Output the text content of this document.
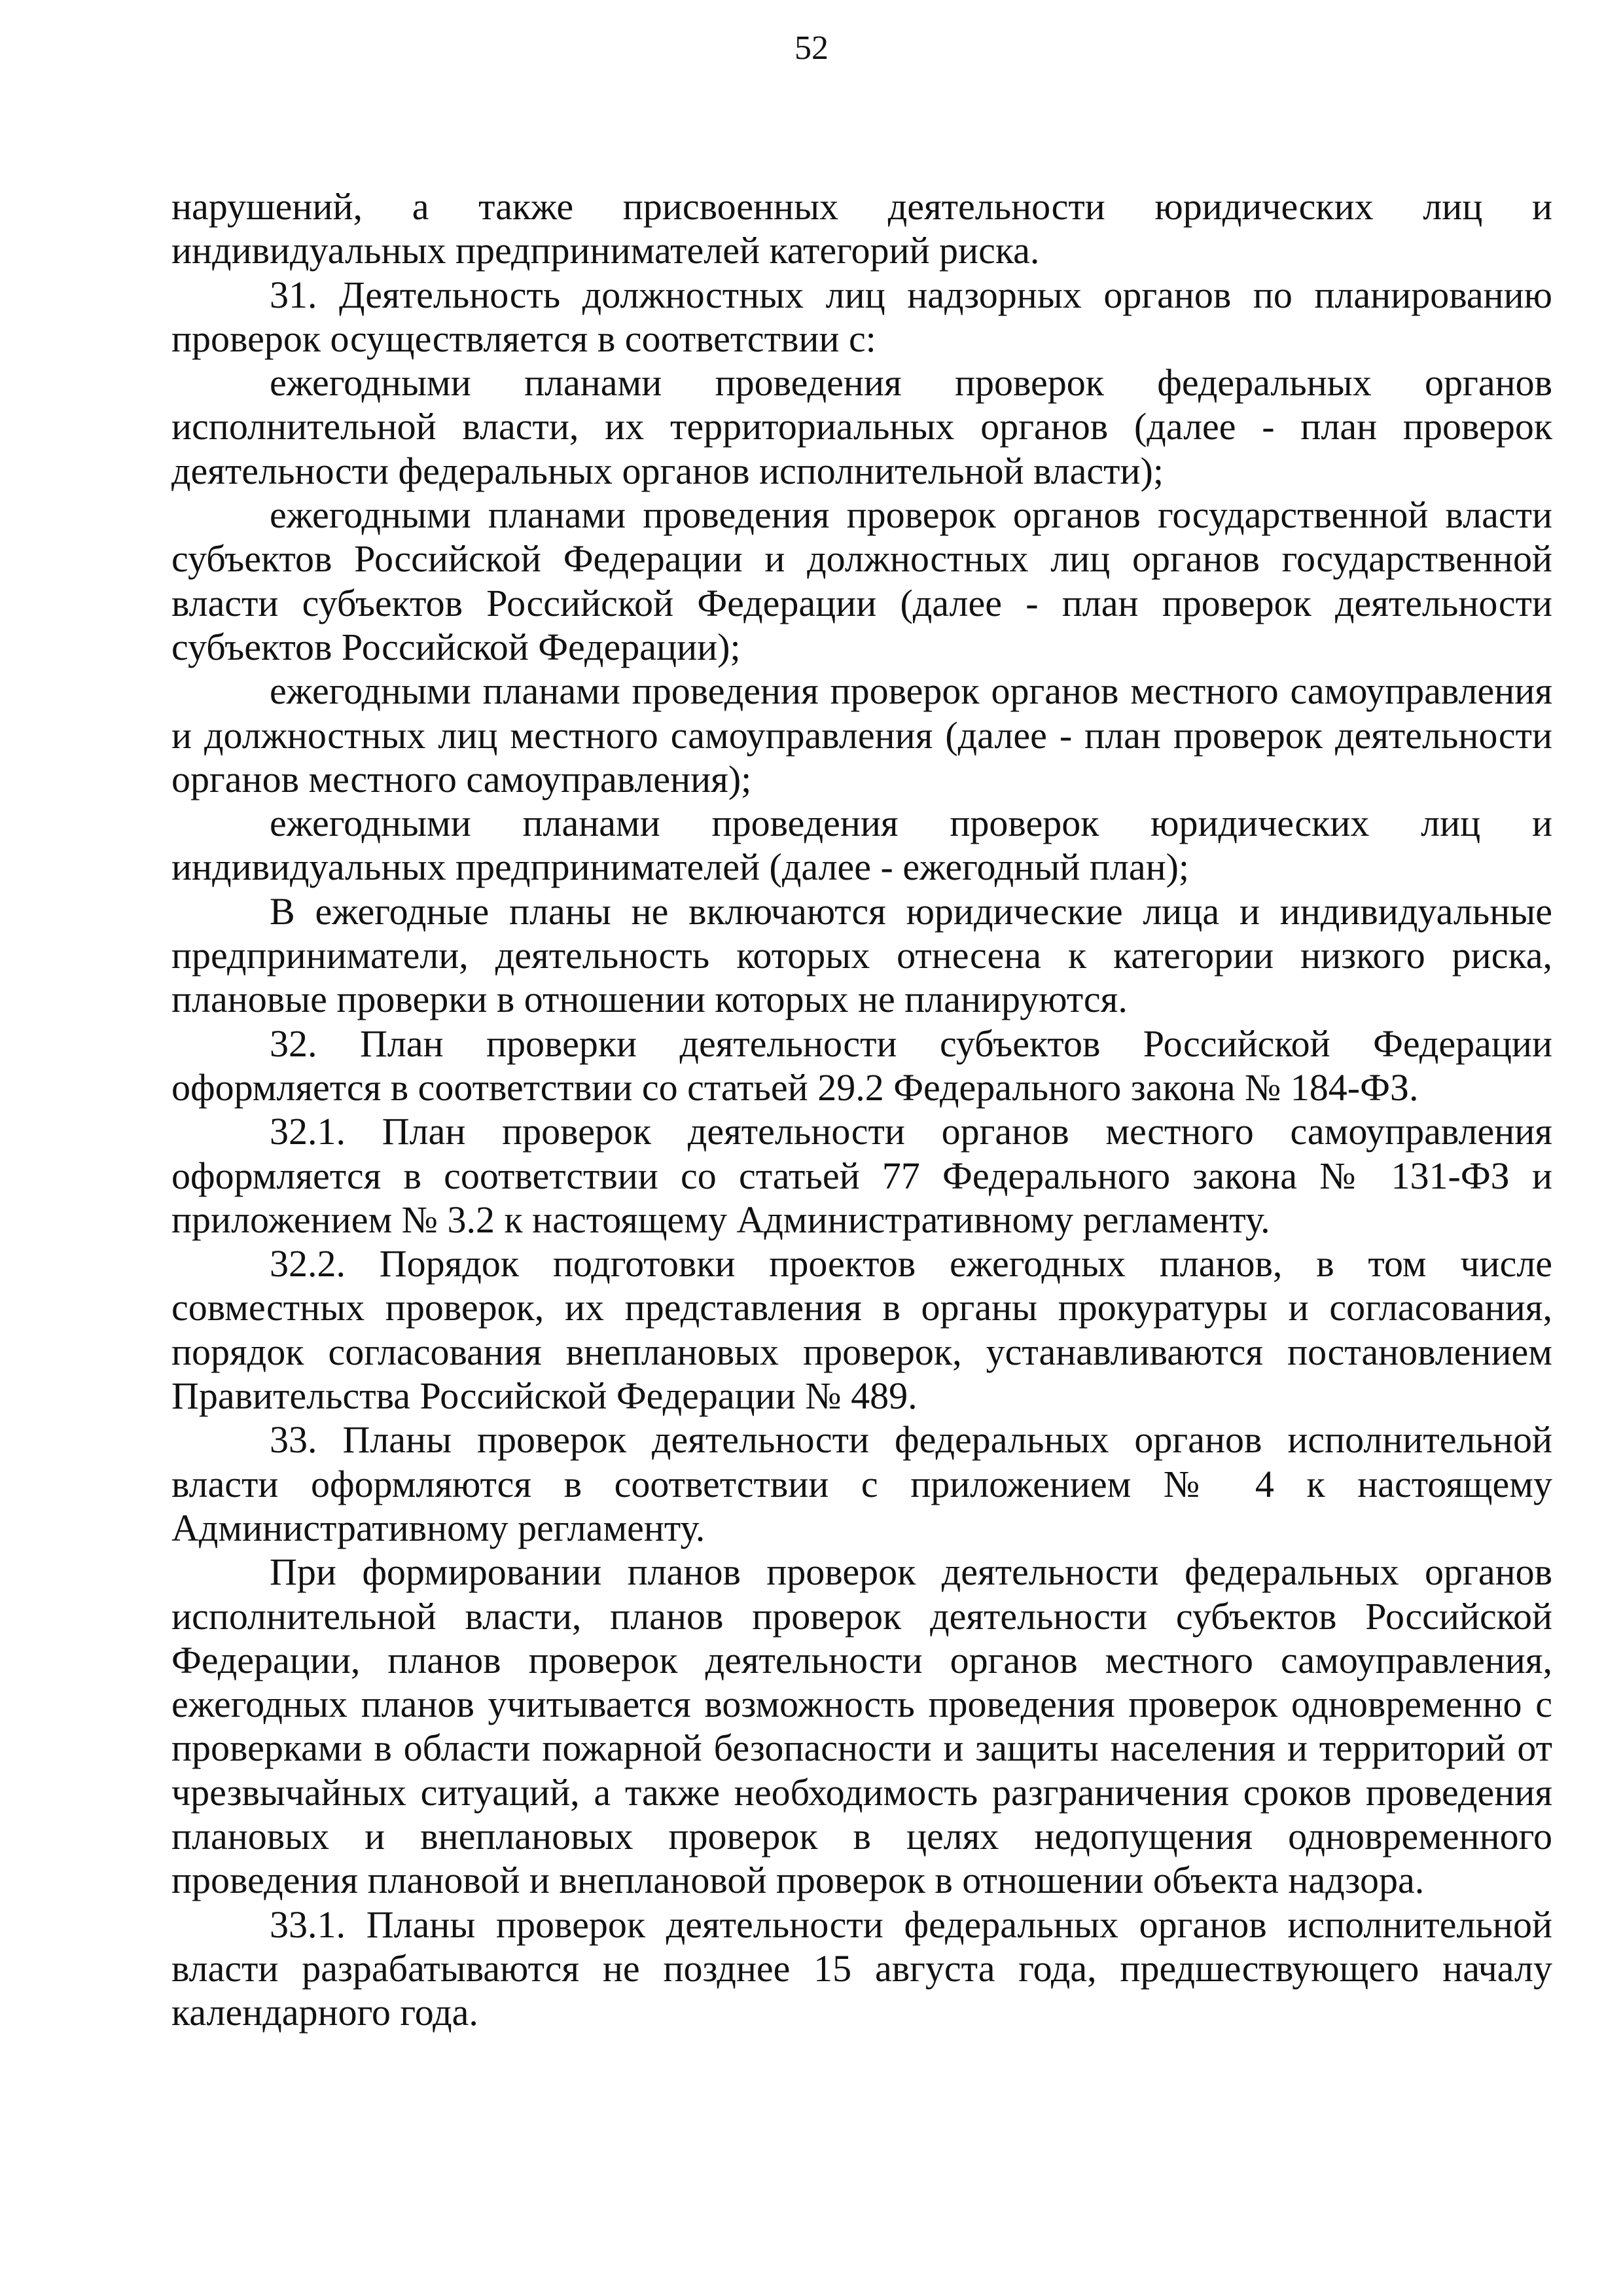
52

нарушений, а также присвоенных деятельности юридических лиц и индивидуальных предпринимателей категорий риска.

31. Деятельность должностных лиц надзорных органов по планированию проверок осуществляется в соответствии с:

ежегодными планами проведения проверок федеральных органов исполнительной власти, их территориальных органов (далее - план проверок деятельности федеральных органов исполнительной власти);

ежегодными планами проведения проверок органов государственной власти субъектов Российской Федерации и должностных лиц органов государственной власти субъектов Российской Федерации (далее - план проверок деятельности субъектов Российской Федерации);

ежегодными планами проведения проверок органов местного самоуправления и должностных лиц местного самоуправления (далее - план проверок деятельности органов местного самоуправления);

ежегодными планами проведения проверок юридических лиц и индивидуальных предпринимателей (далее - ежегодный план);

В ежегодные планы не включаются юридические лица и индивидуальные предприниматели, деятельность которых отнесена к категории низкого риска, плановые проверки в отношении которых не планируются.

32. План проверки деятельности субъектов Российской Федерации оформляется в соответствии со статьей 29.2 Федерального закона № 184-ФЗ.

32.1. План проверок деятельности органов местного самоуправления оформляется в соответствии со статьей 77 Федерального закона № 131-ФЗ и приложением № 3.2 к настоящему Административному регламенту.

32.2. Порядок подготовки проектов ежегодных планов, в том числе совместных проверок, их представления в органы прокуратуры и согласования, порядок согласования внеплановых проверок, устанавливаются постановлением Правительства Российской Федерации № 489.

33. Планы проверок деятельности федеральных органов исполнительной власти оформляются в соответствии с приложением № 4 к настоящему Административному регламенту.

При формировании планов проверок деятельности федеральных органов исполнительной власти, планов проверок деятельности субъектов Российской Федерации, планов проверок деятельности органов местного самоуправления, ежегодных планов учитывается возможность проведения проверок одновременно с проверками в области пожарной безопасности и защиты населения и территорий от чрезвычайных ситуаций, а также необходимость разграничения сроков проведения плановых и внеплановых проверок в целях недопущения одновременного проведения плановой и внеплановой проверок в отношении объекта надзора.

33.1. Планы проверок деятельности федеральных органов исполнительной власти разрабатываются не позднее 15 августа года, предшествующего началу календарного года.
